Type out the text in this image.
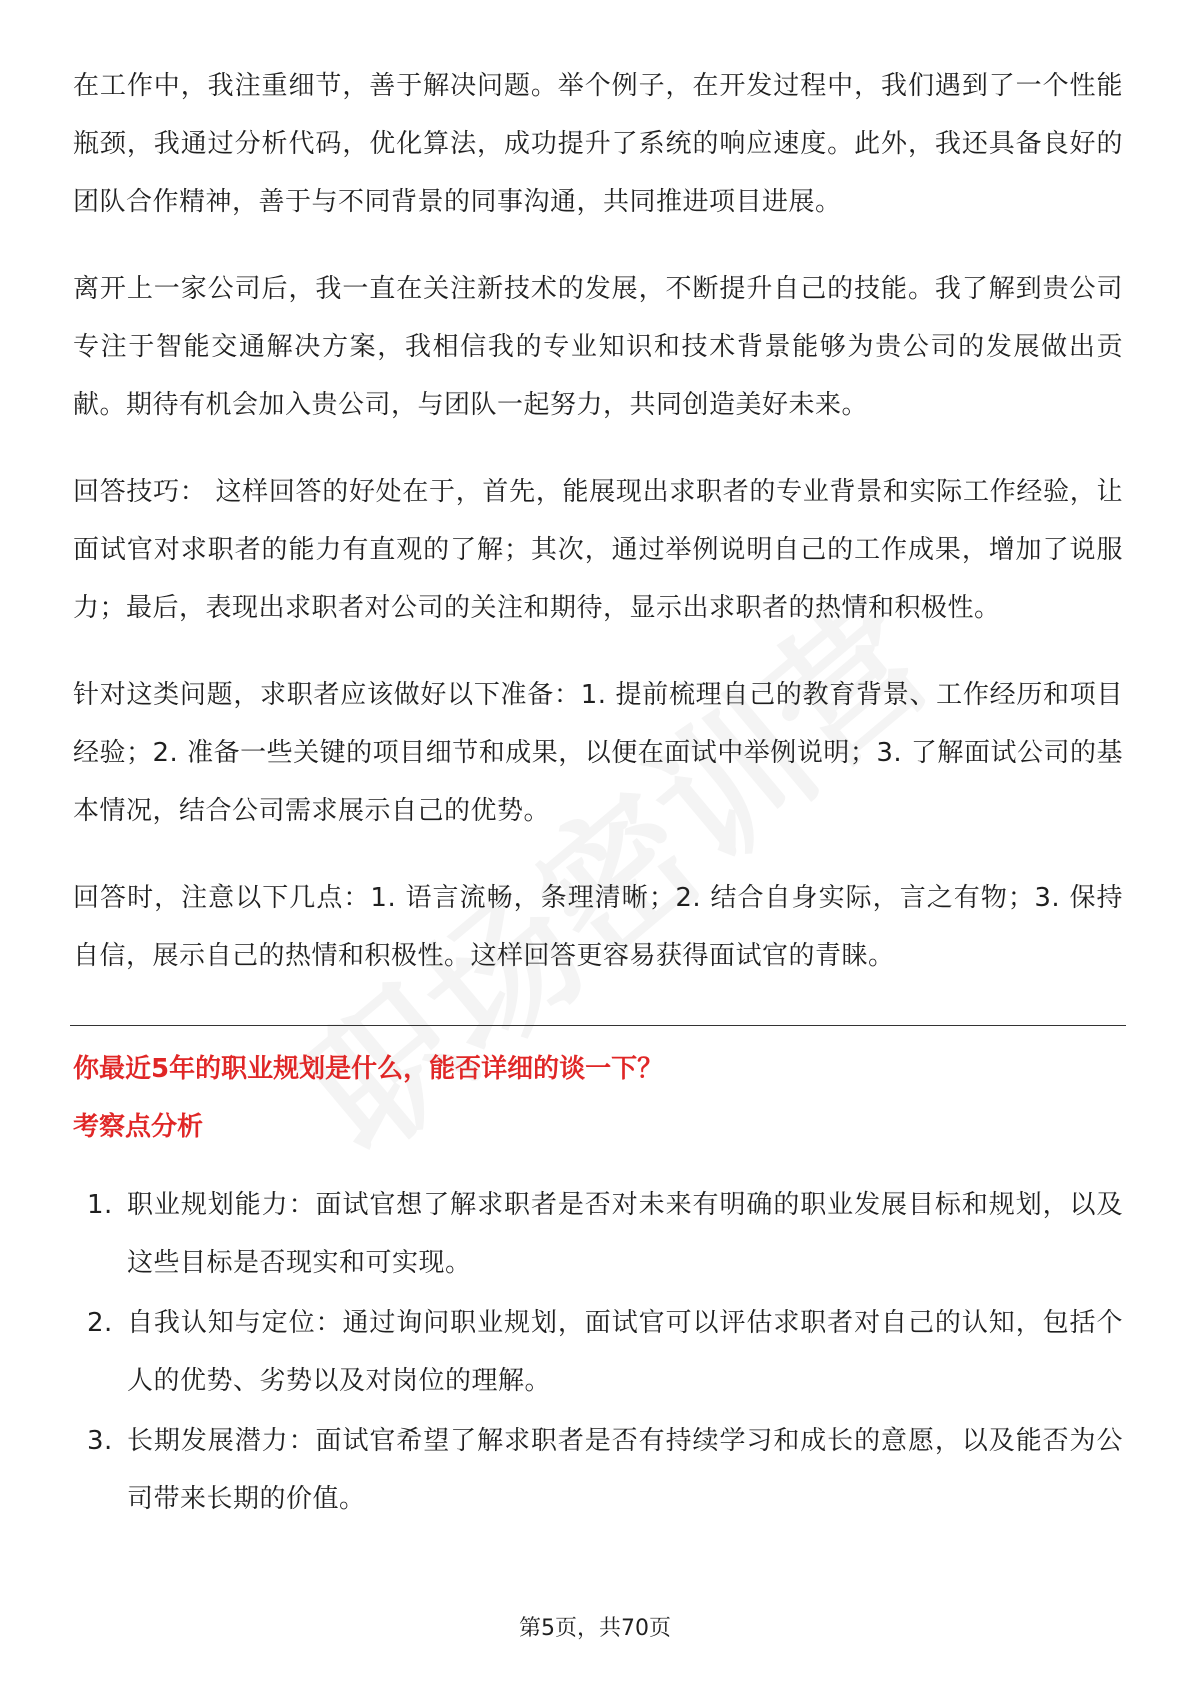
在工作中，我注重细节，善于解决问题。举个例子，在开发过程中，我们遇到了一个性能瓶颈，我通过分析代码，优化算法，成功提升了系统的响应速度。此外，我还具备良好的团队合作精神，善于与不同背景的同事沟通，共同推进项目进展。

离开上一家公司后，我一直在关注新技术的发展，不断提升自己的技能。我了解到贵公司专注于智能交通解决方案，我相信我的专业知识和技术背景能够为贵公司的发展做出贡献。期待有机会加入贵公司，与团队一起努力，共同创造美好未来。

回答技巧： 这样回答的好处在于，首先，能展现出求职者的专业背景和实际工作经验，让面试官对求职者的能力有直观的了解；其次，通过举例说明自己的工作成果，增加了说服力；最后，表现出求职者对公司的关注和期待，显示出求职者的热情和积极性。

针对这类问题，求职者应该做好以下准备：1. 提前梳理自己的教育背景、工作经历和项目经验；2. 准备一些关键的项目细节和成果，以便在面试中举例说明；3. 了解面试公司的基本情况，结合公司需求展示自己的优势。

回答时，注意以下几点：1. 语言流畅，条理清晰；2. 结合自身实际，言之有物；3. 保持自信，展示自己的热情和积极性。这样回答更容易获得面试官的青睐。

你最近5年的职业规划是什么，能否详细的谈一下？
考察点分析
1. 职业规划能力：面试官想了解求职者是否对未来有明确的职业发展目标和规划，以及这些目标是否现实和可实现。
2. 自我认知与定位：通过询问职业规划，面试官可以评估求职者对自己的认知，包括个人的优势、劣势以及对岗位的理解。
3. 长期发展潜力：面试官希望了解求职者是否有持续学习和成长的意愿，以及能否为公司带来长期的价值。
第5页，共70页
